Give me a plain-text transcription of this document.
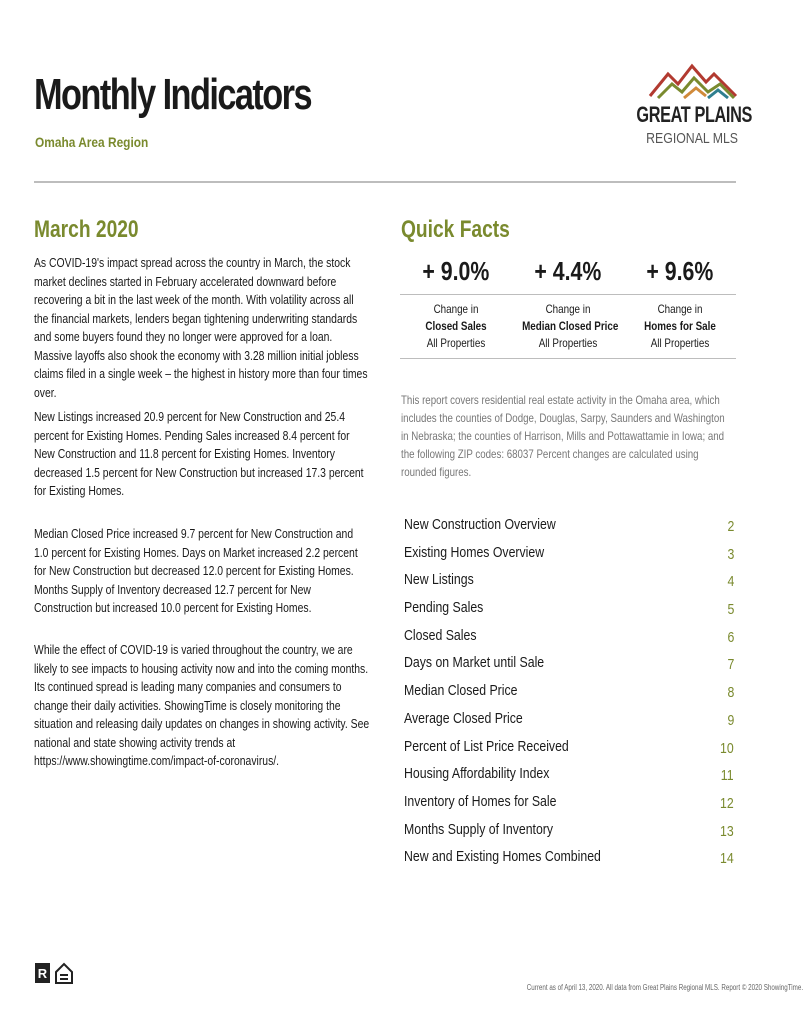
Monthly Indicators
Omaha Area Region
GREAT PLAINS
REGIONAL MLS
March 2020
As COVID-19's impact spread across the country in March, the stock market declines started in February accelerated downward before recovering a bit in the last week of the month. With volatility across all the financial markets, lenders began tightening underwriting standards and some buyers found they no longer were approved for a loan. Massive layoffs also shook the economy with 3.28 million initial jobless claims filed in a single week – the highest in history more than four times over.
New Listings increased 20.9 percent for New Construction and 25.4 percent for Existing Homes. Pending Sales increased 8.4 percent for New Construction and 11.8 percent for Existing Homes. Inventory decreased 1.5 percent for New Construction but increased 17.3 percent for Existing Homes.
Median Closed Price increased 9.7 percent for New Construction and 1.0 percent for Existing Homes. Days on Market increased 2.2 percent for New Construction but decreased 12.0 percent for Existing Homes. Months Supply of Inventory decreased 12.7 percent for New Construction but increased 10.0 percent for Existing Homes.
While the effect of COVID-19 is varied throughout the country, we are likely to see impacts to housing activity now and into the coming months. Its continued spread is leading many companies and consumers to change their daily activities. ShowingTime is closely monitoring the situation and releasing daily updates on changes in showing activity. See national and state showing activity trends at https://www.showingtime.com/impact-of-coronavirus/.
Quick Facts
+ 9.0%
Change in
Closed Sales
All Properties
+ 4.4%
Change in
Median Closed Price
All Properties
+ 9.6%
Change in
Homes for Sale
All Properties
This report covers residential real estate activity in the Omaha area, which includes the counties of Dodge, Douglas, Sarpy, Saunders and Washington in Nebraska; the counties of Harrison, Mills and Pottawattamie in Iowa; and the following ZIP codes: 68037 Percent changes are calculated using rounded figures.
New Construction Overview	2
Existing Homes Overview	3
New Listings	4
Pending Sales	5
Closed Sales	6
Days on Market until Sale	7
Median Closed Price	8
Average Closed Price	9
Percent of List Price Received	10
Housing Affordability Index	11
Inventory of Homes for Sale	12
Months Supply of Inventory	13
New and Existing Homes Combined	14
R
Current as of April 13, 2020. All data from Great Plains Regional MLS. Report © 2020 ShowingTime.
